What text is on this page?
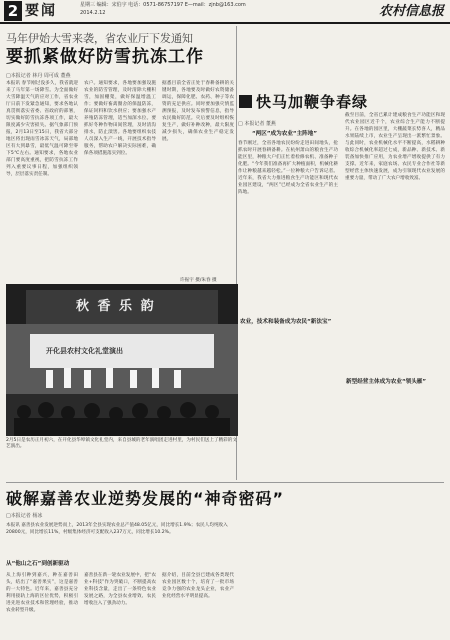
2 要闻	星期三 编辑：宋伯宇 电话：0571-86757197 E—mail：zjnb@163.com
2014.2.12	农村信息报
马年伊始大雪来袭，省农业厅下发通知
要抓紧做好防雪抗冻工作
□本报记者 林丹 周可成 董燕
本报讯 春节刚过没多久，我省就迎来了马年第一场降雪。为全面做好大雪降温天气的应对工作，省农业厅日前下发紧急通知，要求各地认真贯彻落实省委、省政府的部署，切实做好防雪抗冻各项工作，最大限度减少灾害损失。据气象部门预报，2月13日至15日，我省大部分地区将出现雨雪冰冻天气，局部地区有大到暴雪，最低气温可降至零下5℃左右。通知要求，各地农业部门要高度重视，把防雪抗冻工作列入重要议事日程，加强组织领导，层层落实责任制。
农户。通知要求，各地要加强设施农业的防雪管理，及时清除大棚积雪，加固棚架，做好保温增温工作；要做好畜禽圈舍的保温防冻，保证饲料和饮水供应；要加强水产养殖防冻管理，适当加深水位。要抓好冬种作物田间管理，及时清沟排水，防止渍害。各地要组织农技人员深入生产一线，开展技术指导服务，帮助农户解决实际困难，确保各项措施落实到位。
据悉目前全省正处于春耕备耕的关键时期，各地要及时做好农资储备调运，保障化肥、农药、种子等农资的充足供应。同时要加强灾情监测预报，及时发布预警信息，指导农民做好防范。灾后要及时组织恢复生产，做好补种改种，最大限度减少损失，确保农业生产稳定发展。
快马加鞭争春绿
□ 本报记者 董燕
“两区”成为农业“主阵地”
春节刚过，全省各地农民纷纷走进田间地头，抢抓农时开展春耕备耕。在杭州萧山的粮食生产功能区里，种粮大户们正忙着检修农机、准备种子化肥。“今年我们准备再扩大种植面积，机械化耕作让种粮越来越轻松。”一位种粮大户告诉记者。近年来，我省大力推进粮食生产功能区和现代农业园区建设，“两区”已经成为全省农业生产的主阵地。
农业，技术和装备成为农民“新法宝”
截至目前，全省已累计建成粮食生产功能区和现代农业园区近千个，农业综合生产能力不断提升。在各地的园区里，大棚蔬菜长势喜人，精品水果陆续上市，农业生产呈现出一派繁忙景象。与此同时，农业机械化水平不断提高，水稻耕种收综合机械化率超过七成，新品种、新技术、新装备加快推广应用，为农业增产增收提供了有力支撑。近年来，家庭农场、农民专业合作社等新型经营主体快速发展，成为引领现代农业发展的重要力量，带动了广大农户增收致富。
新型经营主体成为农业“领头雁”
秋 香 乐 韵
开化县农村文化礼堂演出
2月5日是农历正月初六，在开化县华埠镇文化礼堂内，来自县城的老年演唱团走进村里，为村民们送上了精彩的文艺演出。
许振宇 摄/朱春 摄
破解嘉善农业逆势发展的“神奇密码”
□本报记者 杨冰
本报讯 嘉善县农业发展逆势而上，2013年全县实现农业总产值48.05亿元，同比增长1.9%；农民人均纯收入20800元，同比增长11%，村级集体经济可支配收入237万元，同比增长10.2%。
从“他山之石”到创新驱动
从上海引种到嘉兴，种在嘉善田头，结出了“嘉善果实”，这是嘉善的一大特色。近年来，嘉善县充分利用接轨上海的区位优势，积极引进先进农业技术和管理经验，推动农业转型升级。
嘉善县在新一轮农业发展中，把“农业+科技”作为突破口，不断提高农业科技含量，走出了一条特色农业发展之路，为全县农业增效、农民增收注入了强劲动力。
据介绍，目前全县已建成各类现代农业园区数十个，培育了一批市场竞争力强的农业龙头企业，农业产业化经营水平明显提高。
